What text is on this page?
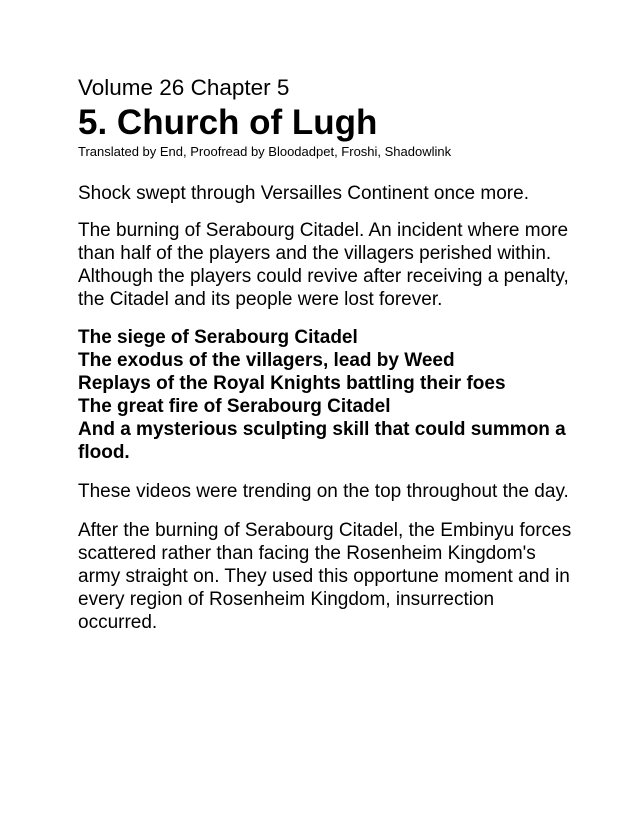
Volume 26 Chapter 5
5. Church of Lugh

Translated by End, Proofread by Bloodadpet, Froshi, Shadowlink

Shock swept through Versailles Continent once more.

The burning of Serabourg Citadel. An incident where more than half of the players and the villagers perished within. Although the players could revive after receiving a penalty, the Citadel and its people were lost forever.

The siege of Serabourg Citadel
The exodus of the villagers, lead by Weed
Replays of the Royal Knights battling their foes
The great fire of Serabourg Citadel
And a mysterious sculpting skill that could summon a flood.

These videos were trending on the top throughout the day.

After the burning of Serabourg Citadel, the Embinyu forces scattered rather than facing the Rosenheim Kingdom's army straight on. They used this opportune moment and in every region of Rosenheim Kingdom, insurrection occurred.
